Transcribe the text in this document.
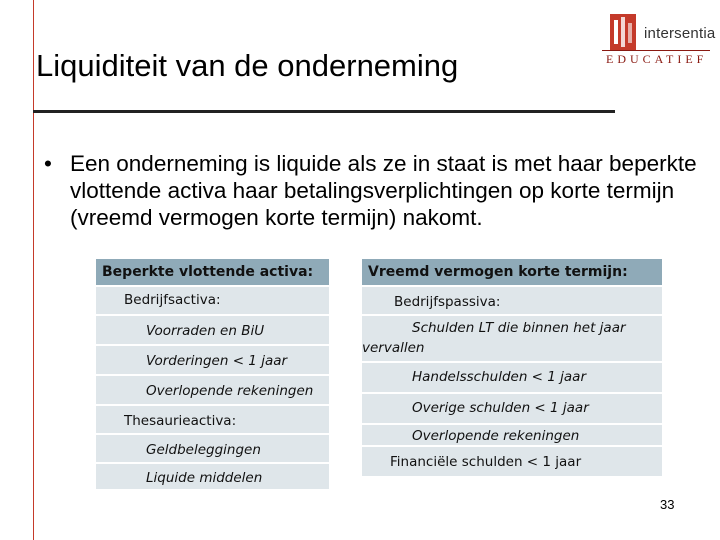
intersentia
EDUCATIEF
Liquiditeit van de onderneming
• Een onderneming is liquide als ze in staat is met haar beperkte vlottende activa haar betalingsverplichtingen op korte termijn (vreemd vermogen korte termijn) nakomt.
Beperkte vlottende activa:
Bedrijfsactiva:
Voorraden en BiU
Vorderingen < 1 jaar
Overlopende rekeningen
Thesaurieactiva:
Geldbeleggingen
Liquide middelen
Vreemd vermogen korte termijn:
Bedrijfspassiva:
Schulden LT die binnen het jaar
vervallen
Handelsschulden < 1 jaar
Overige schulden < 1 jaar
Overlopende rekeningen
Financiële schulden < 1 jaar
33
